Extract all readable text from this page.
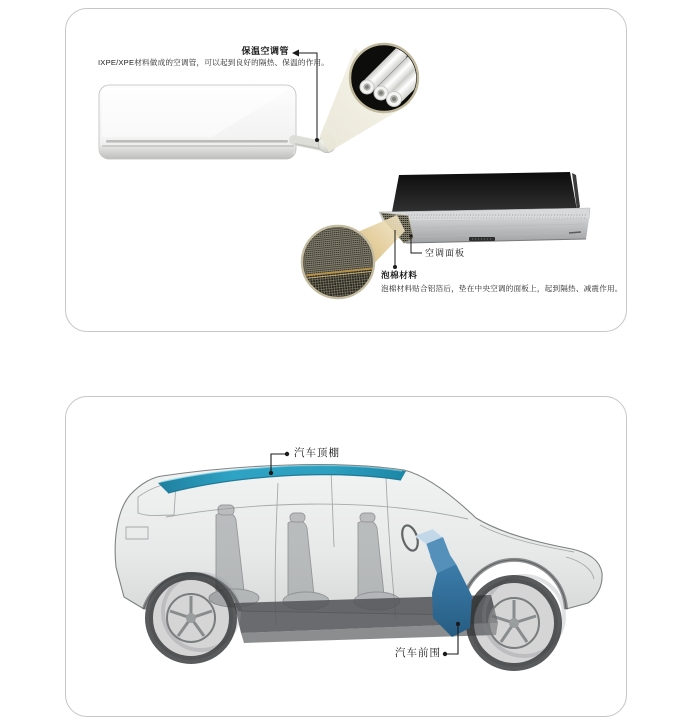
保温空调管
IXPE/XPE材料做成的空调管，可以起到良好的隔热、保温的作用。
空调面板
泡棉材料
泡棉材料贴合铝箔后，垫在中央空调的面板上，起到隔热、减震作用。
汽车顶棚
汽车前围
